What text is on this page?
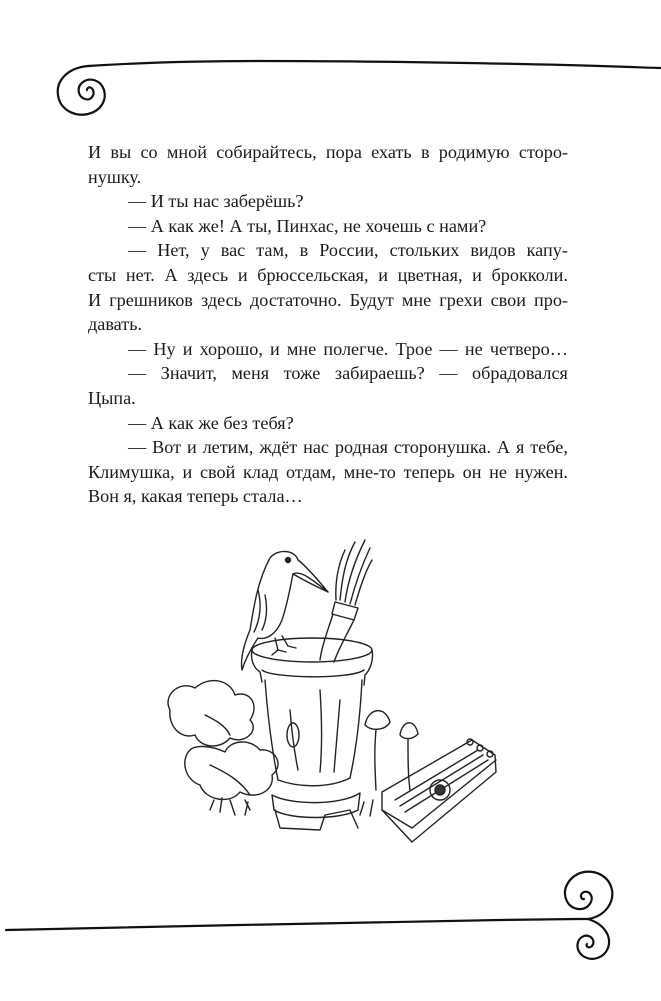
И вы со мной собирайтесь, пора ехать в родимую сторо-
нушку.
— И ты нас заберёшь?
— А как же! А ты, Пинхас, не хочешь с нами?
— Нет, у вас там, в России, стольких видов капу-
сты нет. А здесь и брюссельская, и цветная, и брокколи.
И грешников здесь достаточно. Будут мне грехи свои про-
давать.
— Ну и хорошо, и мне полегче. Трое — не четверо…
— Значит, меня тоже забираешь? — обрадовался
Цыпа.
— А как же без тебя?
— Вот и летим, ждёт нас родная сторонушка. А я тебе,
Климушка, и свой клад отдам, мне-то теперь он не нужен.
Вон я, какая теперь стала…
